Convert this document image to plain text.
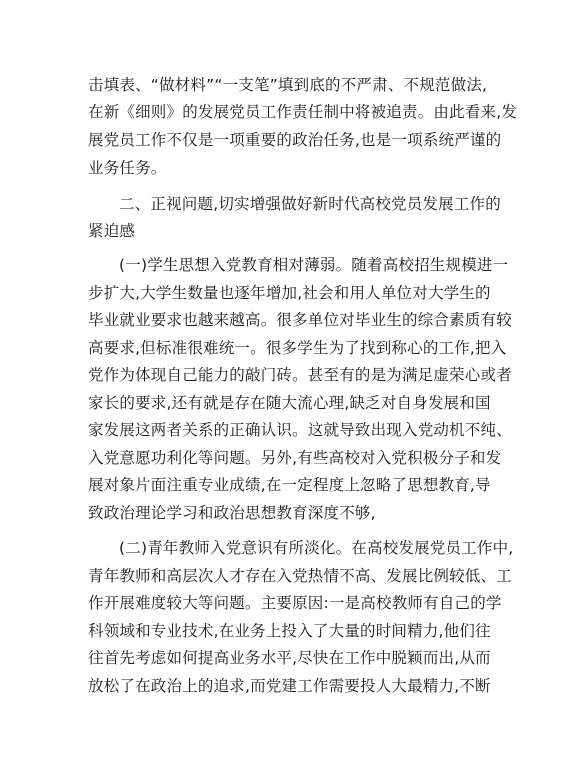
击填表、“做材料”“一支笔”填到底的不严肃、不规范做法,
在新《细则》的发展党员工作责任制中将被追责。由此看来,发
展党员工作不仅是一项重要的政治任务,也是一项系统严谨的
业务任务。
二、正视问题,切实增强做好新时代高校党员发展工作的
紧迫感
(一)学生思想入党教育相对薄弱。随着高校招生规模进一
步扩大,大学生数量也逐年增加,社会和用人单位对大学生的
毕业就业要求也越来越高。很多单位对毕业生的综合素质有较
高要求,但标准很难统一。很多学生为了找到称心的工作,把入
党作为体现自己能力的敲门砖。甚至有的是为满足虚荣心或者
家长的要求,还有就是存在随大流心理,缺乏对自身发展和国
家发展这两者关系的正确认识。这就导致出现入党动机不纯、
入党意愿功利化等问题。另外,有些高校对入党积极分子和发
展对象片面注重专业成绩,在一定程度上忽略了思想教育,导
致政治理论学习和政治思想教育深度不够,
(二)青年教师入党意识有所淡化。在高校发展党员工作中,
青年教师和高层次人才存在入党热情不高、发展比例较低、工
作开展难度较大等问题。主要原因:一是高校教师有自己的学
科领域和专业技术,在业务上投入了大量的时间精力,他们往
往首先考虑如何提高业务水平,尽快在工作中脱颖而出,从而
放松了在政治上的追求,而党建工作需要投人大最精力,不断
